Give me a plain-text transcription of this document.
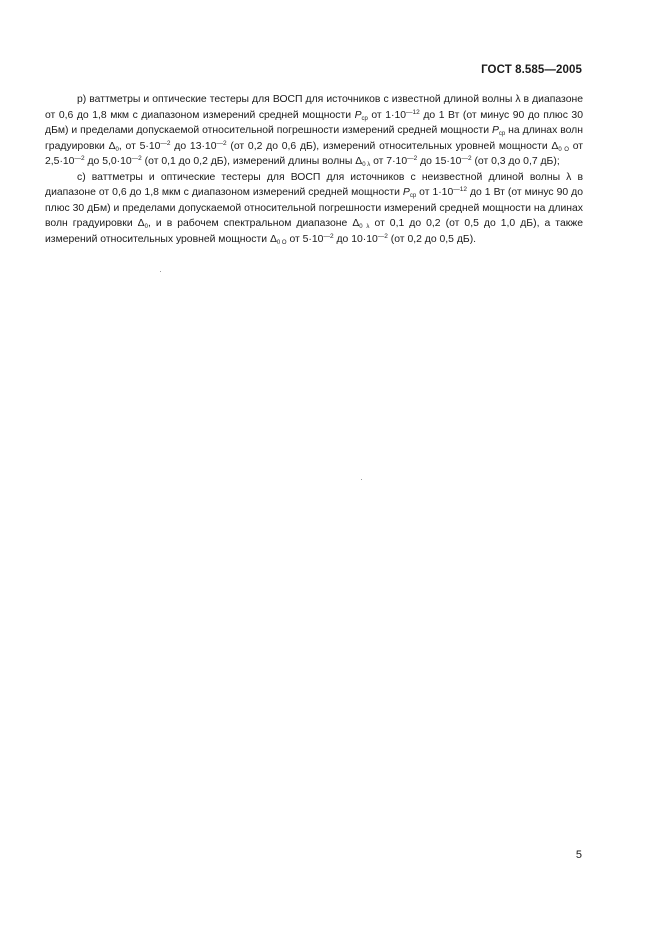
ГОСТ 8.585—2005

р) ваттметры и оптические тестеры для ВОСП для источников с известной длиной волны λ в диапазоне от 0,6 до 1,8 мкм с диапазоном измерений средней мощности $P_{ср}$ от $1\cdot 10^{—12}$ до 1 Вт (от минус 90 до плюс 30 дБм) и пределами допускаемой относительной погрешности измерений средней мощности $P_{ср}$ на длинах волн градуировки $\Delta_0$, от $5\cdot 10^{—2}$ до $13\cdot 10^{—2}$ (от 0,2 до 0,6 дБ), измерений относительных уровней мощности $\Delta_{0 О}$ от $2,5\cdot 10^{—2}$ до $5,0\cdot 10^{—2}$ (от 0,1 до 0,2 дБ), измерений длины волны $\Delta_{0 \lambda}$ от $7\cdot 10^{—2}$ до $15\cdot 10^{—2}$ (от 0,3 до 0,7 дБ);

с) ваттметры и оптические тестеры для ВОСП для источников с неизвестной длиной волны λ в диапазоне от 0,6 до 1,8 мкм с диапазоном измерений средней мощности $P_{ср}$ от $1\cdot 10^{—12}$ до 1 Вт (от минус 90 до плюс 30 дБм) и пределами допускаемой относительной погрешности измерений средней мощности на длинах волн градуировки $\Delta_0$, и в рабочем спектральном диапазоне $\Delta_{0 \lambda}$ от 0,1 до 0,2 (от 0,5 до 1,0 дБ), а также измерений относительных уровней мощности $\Delta_{0 О}$ от $5\cdot 10^{—2}$ до $10\cdot 10^{—2}$ (от 0,2 до 0,5 дБ).

5
